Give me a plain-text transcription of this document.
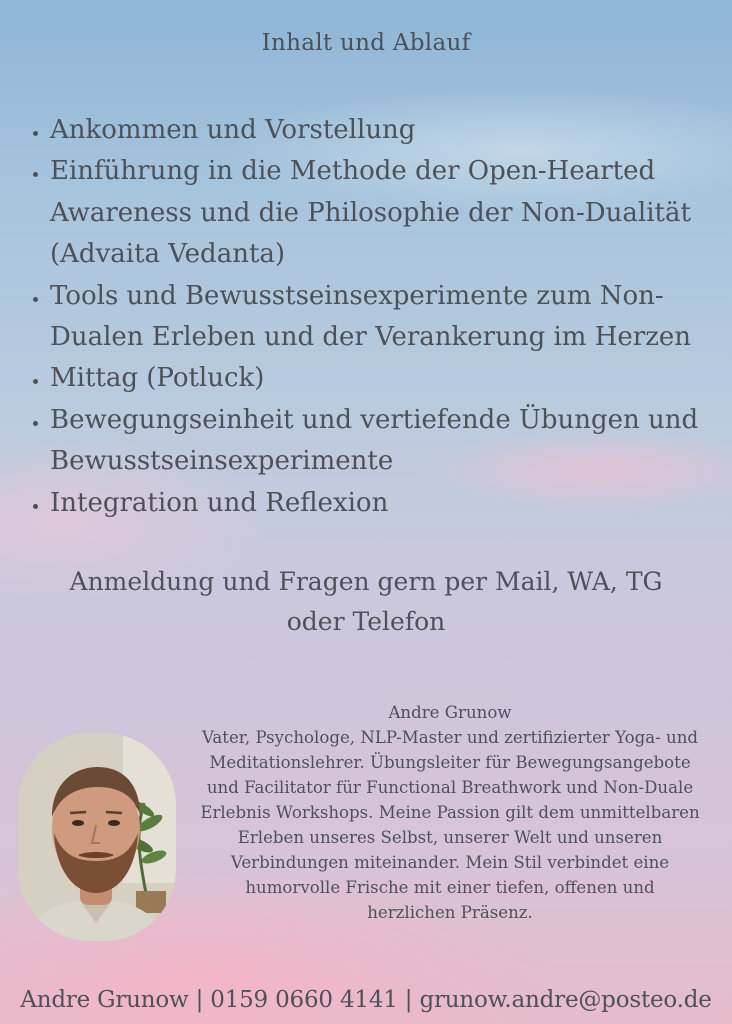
Inhalt und Ablauf
• Ankommen und Vorstellung
• Einführung in die Methode der Open-Hearted Awareness und die Philosophie der Non-Dualität (Advaita Vedanta)
• Tools und Bewusstseinsexperimente zum Non-Dualen Erleben und der Verankerung im Herzen
• Mittag (Potluck)
• Bewegungseinheit und vertiefende Übungen und Bewusstseinsexperimente
• Integration und Reflexion
Anmeldung und Fragen gern per Mail, WA, TG oder Telefon
Andre Grunow
Vater, Psychologe, NLP-Master und zertifizierter Yoga- und Meditationslehrer. Übungsleiter für Bewegungsangebote und Facilitator für Functional Breathwork und Non-Duale Erlebnis Workshops. Meine Passion gilt dem unmittelbaren Erleben unseres Selbst, unserer Welt und unseren Verbindungen miteinander. Mein Stil verbindet eine humorvolle Frische mit einer tiefen, offenen und herzlichen Präsenz.
Andre Grunow | 0159 0660 4141 | grunow.andre@posteo.de
